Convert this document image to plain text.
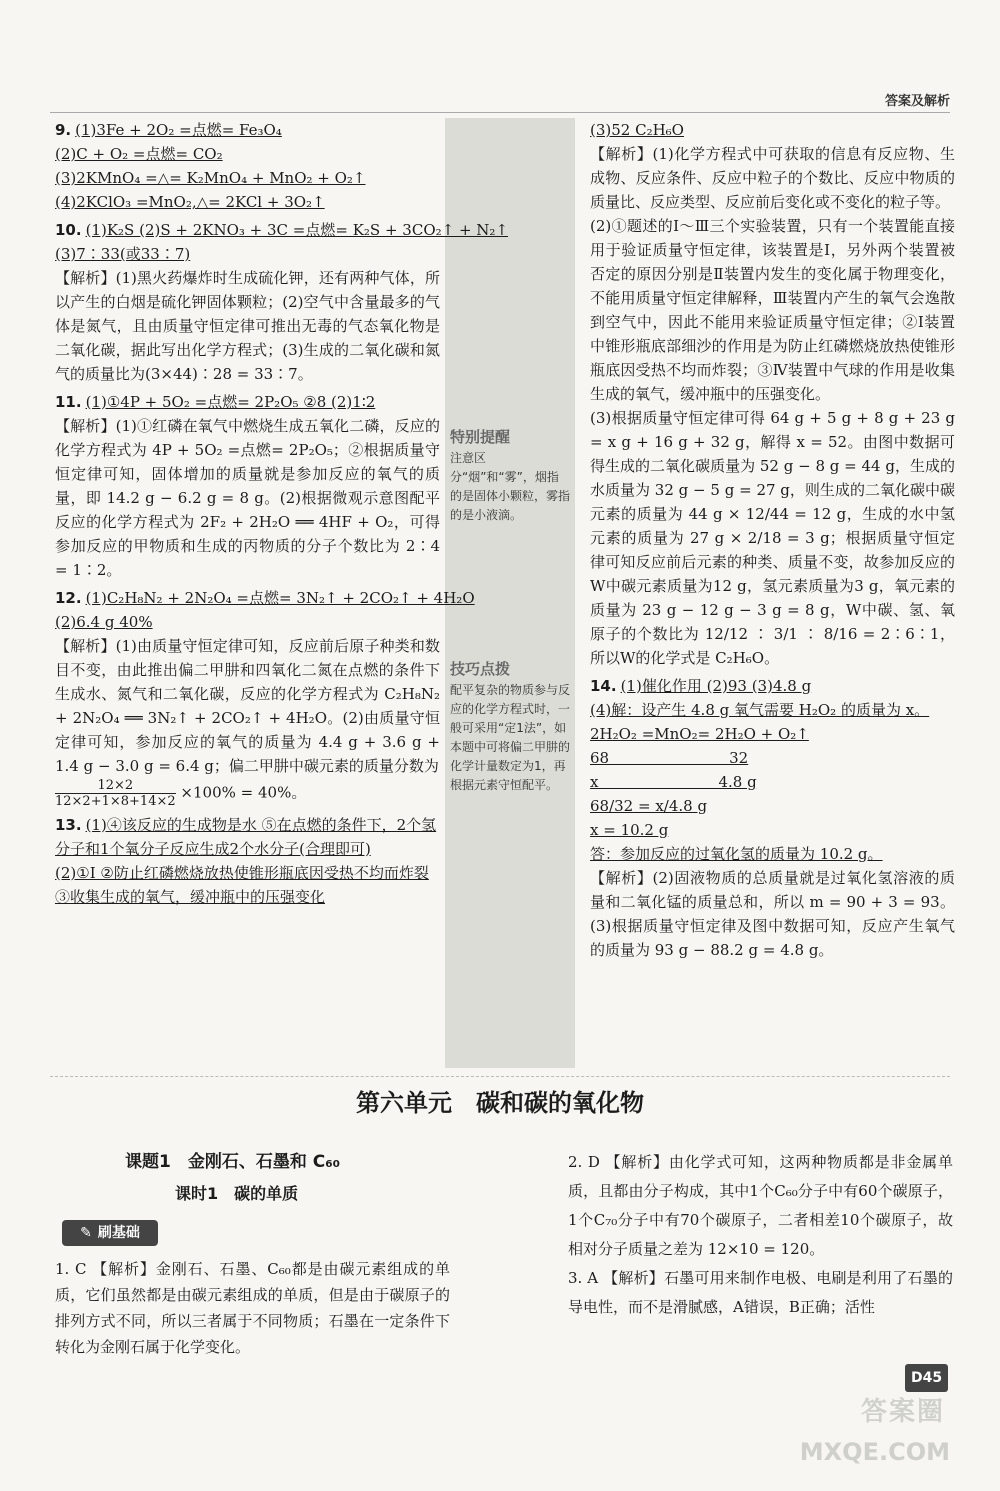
答案及解析
特别提醒
注意区分“烟”和“雾”，烟指的是固体小颗粒，雾指的是小液滴。
技巧点拨
配平复杂的物质参与反应的化学方程式时，一般可采用“定1法”，如本题中可将偏二甲肼的化学计量数定为1，再根据元素守恒配平。
9. (1)3Fe + 2O₂ =点燃= Fe₃O₄
(2)C + O₂ =点燃= CO₂
(3)2KMnO₄ =△= K₂MnO₄ + MnO₂ + O₂↑
(4)2KClO₃ =MnO₂,△= 2KCl + 3O₂↑
10. (1)K₂S (2)S + 2KNO₃ + 3C =点燃= K₂S + 3CO₂↑ + N₂↑
(3)7∶33(或33∶7)

【解析】(1)黑火药爆炸时生成硫化钾，还有两种气体，所以产生的白烟是硫化钾固体颗粒；(2)空气中含量最多的气体是氮气，且由质量守恒定律可推出无毒的气态氧化物是二氧化碳，据此写出化学方程式；(3)生成的二氧化碳和氮气的质量比为(3×44)∶28 = 33∶7。

11. (1)①4P + 5O₂ =点燃= 2P₂O₅ ②8 (2)1∶2

【解析】(1)①红磷在氧气中燃烧生成五氧化二磷，反应的化学方程式为 4P + 5O₂ =点燃= 2P₂O₅；②根据质量守恒定律可知，固体增加的质量就是参加反应的氧气的质量，即 14.2 g − 6.2 g = 8 g。(2)根据微观示意图配平反应的化学方程式为 2F₂ + 2H₂O ══ 4HF + O₂，可得参加反应的甲物质和生成的丙物质的分子个数比为 2∶4 = 1∶2。

12. (1)C₂H₈N₂ + 2N₂O₄ =点燃= 3N₂↑ + 2CO₂↑ + 4H₂O
(2)6.4 g 40%

【解析】(1)由质量守恒定律可知，反应前后原子种类和数目不变，由此推出偏二甲肼和四氧化二氮在点燃的条件下生成水、氮气和二氧化碳，反应的化学方程式为 C₂H₈N₂ + 2N₂O₄ ══ 3N₂↑ + 2CO₂↑ + 4H₂O。(2)由质量守恒定律可知，参加反应的氧气的质量为 4.4 g + 3.6 g + 1.4 g − 3.0 g = 6.4 g；偏二甲肼中碳元素的质量分数为

$\frac{12\times 2}{12\times 2+1\times 8+14\times 2} \times 100\% = 40\%$。
13. (1)④该反应的生成物是水 ⑤在点燃的条件下，2个氢分子和1个氧分子反应生成2个水分子(合理即可)
(2)①Ⅰ ②防止红磷燃烧放热使锥形瓶底因受热不均而炸裂 ③收集生成的氧气，缓冲瓶中的压强变化
(3)52 C₂H₆O

【解析】(1)化学方程式中可获取的信息有反应物、生成物、反应条件、反应中粒子的个数比、反应中物质的质量比、反应类型、反应前后变化或不变化的粒子等。

(2)①题述的Ⅰ～Ⅲ三个实验装置，只有一个装置能直接用于验证质量守恒定律，该装置是Ⅰ，另外两个装置被否定的原因分别是Ⅱ装置内发生的变化属于物理变化，不能用质量守恒定律解释，Ⅲ装置内产生的氧气会逸散到空气中，因此不能用来验证质量守恒定律；②Ⅰ装置中锥形瓶底部细沙的作用是为防止红磷燃烧放热使锥形瓶底因受热不均而炸裂；③Ⅳ装置中气球的作用是收集生成的氧气，缓冲瓶中的压强变化。

(3)根据质量守恒定律可得 64 g + 5 g + 8 g + 23 g = x g + 16 g + 32 g，解得 x = 52。由图中数据可得生成的二氧化碳质量为 52 g − 8 g = 44 g，生成的水质量为 32 g − 5 g = 27 g，则生成的二氧化碳中碳元素的质量为 44 g × 12/44 = 12 g，生成的水中氢元素的质量为 27 g × 2/18 = 3 g；根据质量守恒定律可知反应前后元素的种类、质量不变，故参加反应的W中碳元素质量为12 g，氢元素质量为3 g，氧元素的质量为 23 g − 12 g − 3 g = 8 g，W中碳、氢、氧原子的个数比为 12/12 ∶ 3/1 ∶ 8/16 = 2∶6∶1，所以W的化学式是 C₂H₆O。

14. (1)催化作用 (2)93 (3)4.8 g
(4)解：设产生 4.8 g 氧气需要 H₂O₂ 的质量为 x。
2H₂O₂ =MnO₂= 2H₂O + O₂↑
68　　　　　　　　32
x　　　　　　　　4.8 g
68/32 = x/4.8 g
x = 10.2 g
答：参加反应的过氧化氢的质量为 10.2 g。

【解析】(2)固液物质的总质量就是过氧化氢溶液的质量和二氧化锰的质量总和，所以 m = 90 + 3 = 93。(3)根据质量守恒定律及图中数据可知，反应产生氧气的质量为 93 g − 88.2 g = 4.8 g。

第六单元　碳和碳的氧化物
课题1　金刚石、石墨和 C₆₀
课时1　碳的单质
✎ 刷基础

1. C 【解析】金刚石、石墨、C₆₀都是由碳元素组成的单质，它们虽然都是由碳元素组成的单质，但是由于碳原子的排列方式不同，所以三者属于不同物质；石墨在一定条件下转化为金刚石属于化学变化。

2. D 【解析】由化学式可知，这两种物质都是非金属单质，且都由分子构成，其中1个C₆₀分子中有60个碳原子，1个C₇₀分子中有70个碳原子，二者相差10个碳原子，故相对分子质量之差为 12×10 = 120。

3. A 【解析】石墨可用来制作电极、电刷是利用了石墨的导电性，而不是滑腻感，A错误，B正确；活性

D45
答案圈
MXQE.COM
